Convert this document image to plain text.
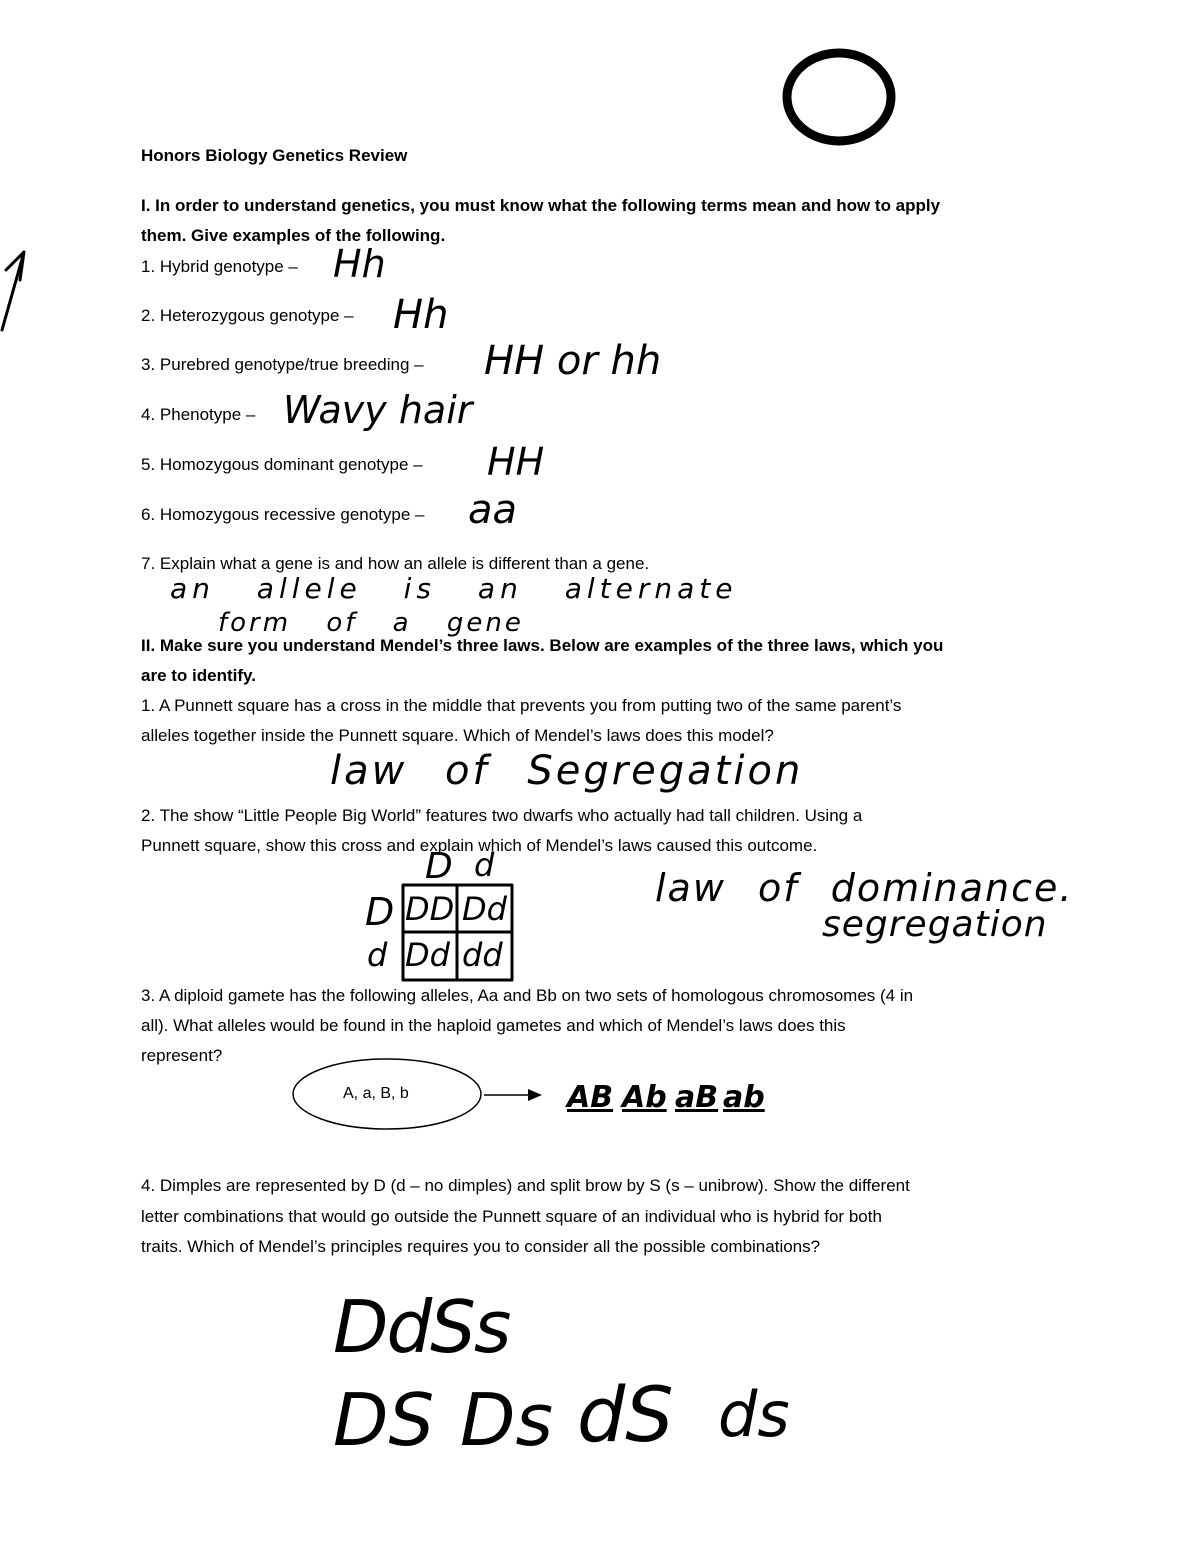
Honors Biology Genetics Review
I. In order to understand genetics, you must know what the following terms mean and how to apply
them. Give examples of the following.
1. Hybrid genotype – Hh
2. Heterozygous genotype – Hh
3. Purebred genotype/true breeding – HH or hh
4. Phenotype – Wavy hair
5. Homozygous dominant genotype – HH
6. Homozygous recessive genotype – aa
7. Explain what a gene is and how an allele is different than a gene.
an allele is an alternate
form of a gene
II. Make sure you understand Mendel’s three laws. Below are examples of the three laws, which you
are to identify.
1. A Punnett square has a cross in the middle that prevents you from putting two of the same parent’s
alleles together inside the Punnett square. Which of Mendel’s laws does this model?
law of Segregation
2. The show “Little People Big World” features two dwarfs who actually had tall children. Using a
Punnett square, show this cross and explain which of Mendel’s laws caused this outcome.
D d
D
d
DD Dd
Dd dd
law of dominance.
segregation
3. A diploid gamete has the following alleles, Aa and Bb on two sets of homologous chromosomes (4 in
all). What alleles would be found in the haploid gametes and which of Mendel’s laws does this
represent?
A, a, B, b	AB Ab aB ab
4. Dimples are represented by D (d – no dimples) and split brow by S (s – unibrow). Show the different
letter combinations that would go outside the Punnett square of an individual who is hybrid for both
traits. Which of Mendel’s principles requires you to consider all the possible combinations?
DdSs
DS Ds dS ds
